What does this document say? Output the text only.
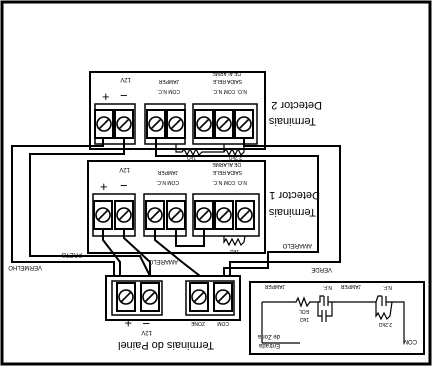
+ −
12V	JAMPER
COM N.C.
DE ALARME
SAIDA RELE
N.O. COM N.C.
Detector 2
Terminais
1kΩ	2.2kΩ
+ −
12V	JAMPER
COM N.C.
DE ALARME
SAIDA RELE
N.O. COM N.C.
Detector 1
Terminais
1kΩ
VERMELHO
PRETO
AMARELO
AMARELO
VERDE
+ −
12V
ZONE COM
Terminais do Painel
JAMPER	JAMPER
EOL
N.F.	N.F.
1kΩ
2.2kΩ
de Zona
Entrada
COM
